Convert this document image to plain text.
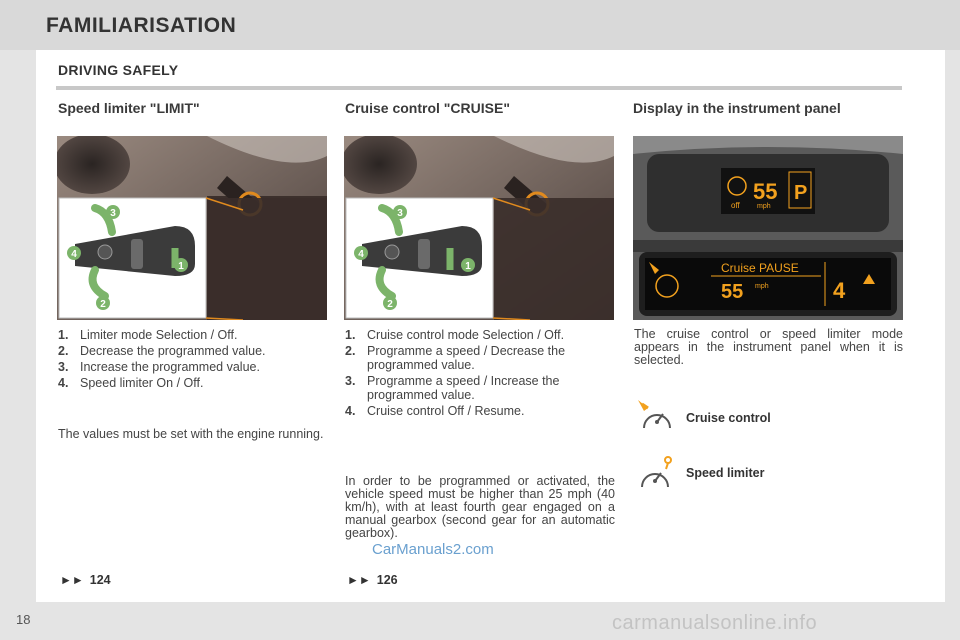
FAMILIARISATION
DRIVING SAFELY
Speed limiter "LIMIT"	Cruise control "CRUISE"	Display in the instrument panel
3
4
1
2
3
4
1
2
off
55
mph
P
Cruise PAUSE
55 mph	4
1. Limiter mode Selection / Off.
2. Decrease the programmed value.
3. Increase the programmed value.
4. Speed limiter On / Off.
The values must be set with the engine running.
1. Cruise control mode Selection / Off.
2. Programme a speed / Decrease the programmed value.
3. Programme a speed / Increase the programmed value.
4. Cruise control Off / Resume.
In order to be programmed or activated, the vehicle speed must be higher than 25 mph (40 km/h), with at least fourth gear engaged on a manual gearbox (second gear for an automatic gearbox).
The cruise control or speed limiter mode appears in the instrument panel when it is selected.
Cruise control
Speed limiter
►► 124	►► 126
CarManuals2.com
18	carmanualsonline.info
